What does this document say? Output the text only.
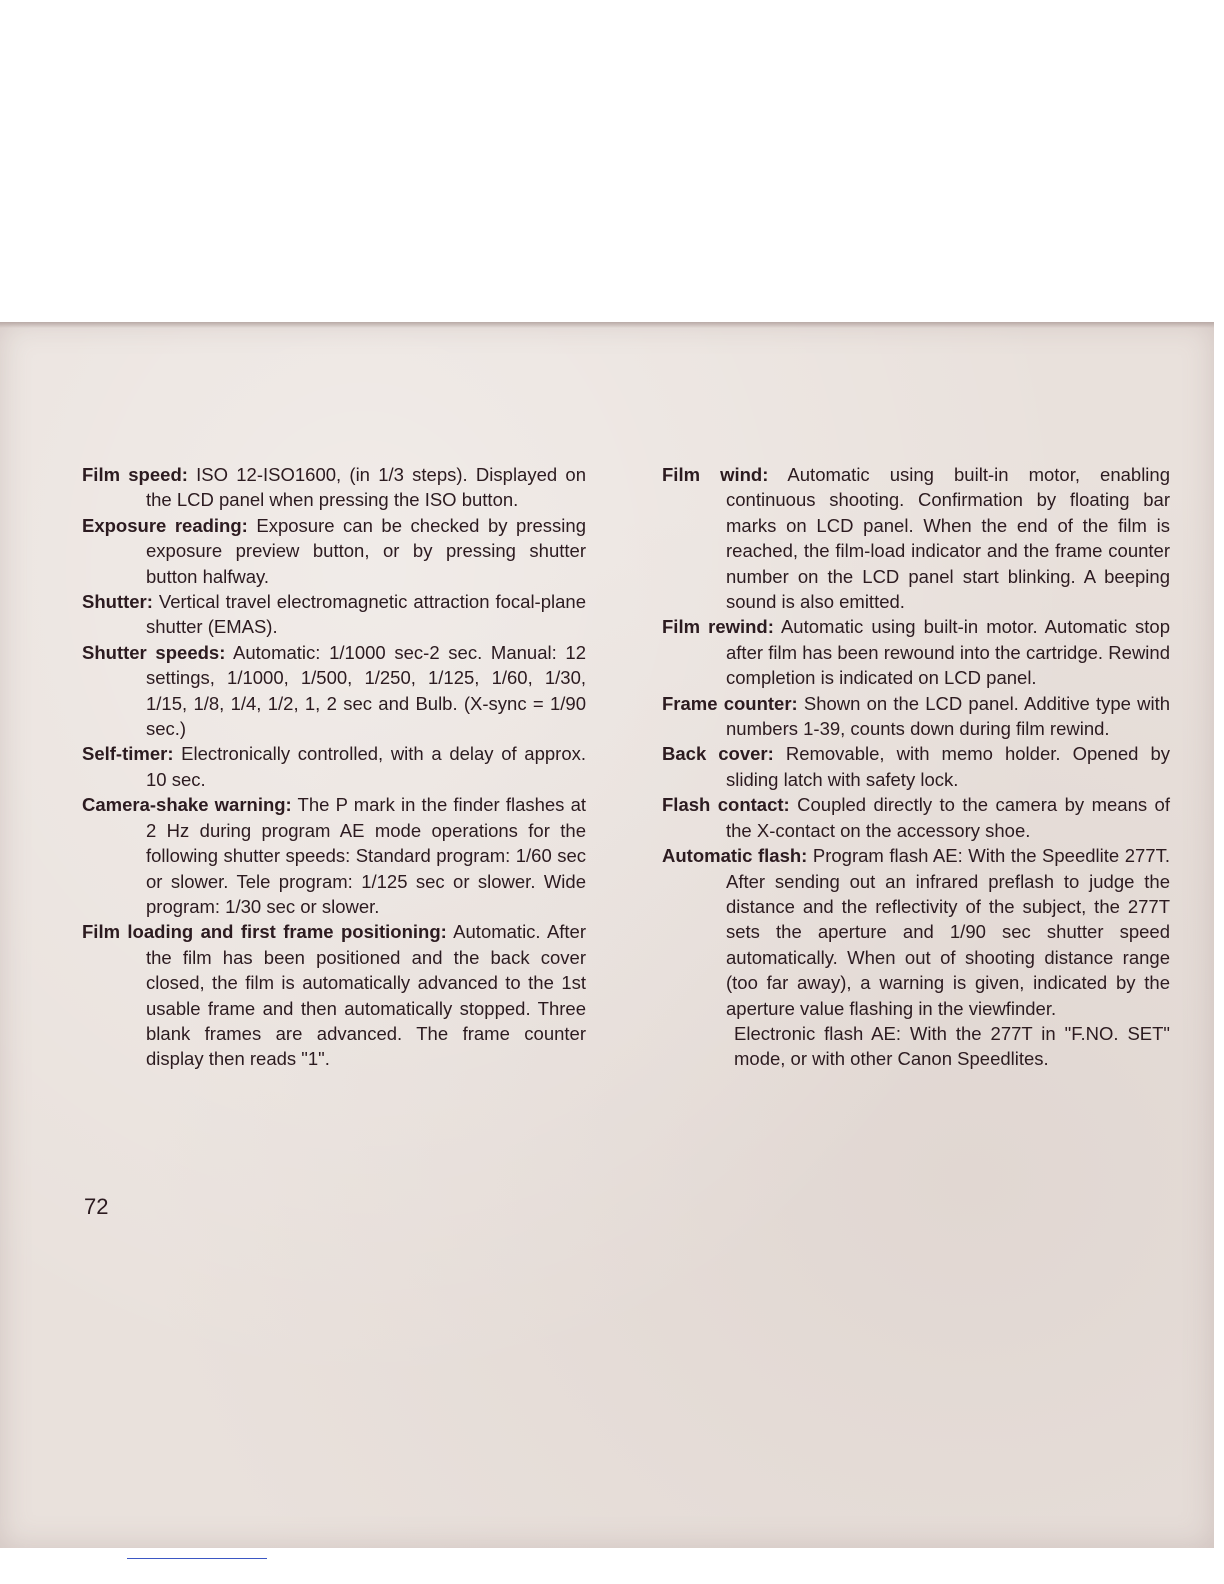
Film speed: ISO 12-ISO1600, (in 1/3 steps). Displayed on the LCD panel when pressing the ISO button.

Exposure reading: Exposure can be checked by pressing exposure preview button, or by pressing shutter button halfway.

Shutter: Vertical travel electromagnetic attraction focal-plane shutter (EMAS).

Shutter speeds: Automatic: 1/1000 sec-2 sec. Manual: 12 settings, 1/1000, 1/500, 1/250, 1/125, 1/60, 1/30, 1/15, 1/8, 1/4, 1/2, 1, 2 sec and Bulb. (X-sync = 1/90 sec.)

Self-timer: Electronically controlled, with a delay of approx. 10 sec.

Camera-shake warning: The P mark in the finder flashes at 2 Hz during program AE mode operations for the following shutter speeds: Standard program: 1/60 sec or slower. Tele program: 1/125 sec or slower. Wide program: 1/30 sec or slower.

Film loading and first frame positioning: Automatic. After the film has been positioned and the back cover closed, the film is automatically advanced to the 1st usable frame and then automatically stopped. Three blank frames are advanced. The frame counter display then reads "1".

Film wind: Automatic using built-in motor, enabling continuous shooting. Confirmation by floating bar marks on LCD panel. When the end of the film is reached, the film-load indicator and the frame counter number on the LCD panel start blinking. A beeping sound is also emitted.

Film rewind: Automatic using built-in motor. Automatic stop after film has been rewound into the cartridge. Rewind completion is indicated on LCD panel.

Frame counter: Shown on the LCD panel. Additive type with numbers 1-39, counts down during film rewind.

Back cover: Removable, with memo holder. Opened by sliding latch with safety lock.

Flash contact: Coupled directly to the camera by means of the X-contact on the accessory shoe.

Automatic flash: Program flash AE: With the Speedlite 277T. After sending out an infrared preflash to judge the distance and the reflectivity of the subject, the 277T sets the aperture and 1/90 sec shutter speed automatically. When out of shooting distance range (too far away), a warning is given, indicated by the aperture value flashing in the viewfinder.

Electronic flash AE: With the 277T in "F.NO. SET" mode, or with other Canon Speedlites.

72
